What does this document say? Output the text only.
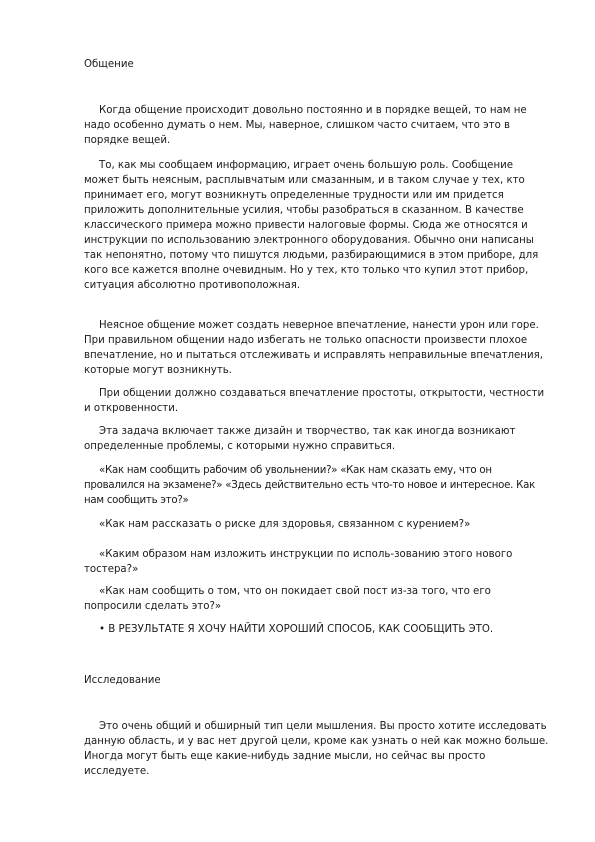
Общение

Когда общение происходит довольно постоянно и в порядке вещей, то нам не надо особенно думать о нем. Мы, наверное, слишком часто считаем, что это в порядке вещей.

То, как мы сообщаем информацию, играет очень большую роль. Сообщение может быть неясным, расплывчатым или смазанным, и в таком случае у тех, кто принимает его, могут возникнуть определенные трудности или им придется приложить дополнительные усилия, чтобы разобраться в сказанном. В качестве классического примера можно привести налоговые формы. Сюда же относятся и инструкции по использованию электронного оборудования. Обычно они написаны так непонятно, потому что пишутся людьми, разбирающимися в этом приборе, для кого все кажется вполне очевидным. Но у тех, кто только что купил этот прибор, ситуация абсолютно противоположная.

Неясное общение может создать неверное впечатление, нанести урон или горе. При правильном общении надо избегать не только опасности произвести плохое впечатление, но и пытаться отслеживать и исправлять неправильные впечатления, которые могут возникнуть.

При общении должно создаваться впечатление простоты, открытости, честности и откровенности.

Эта задача включает также дизайн и творчество, так как иногда возникают определенные проблемы, с которыми нужно справиться.

«Как нам сообщить рабочим об увольнении?» «Как нам сказать ему, что он провалился на экзамене?» «Здесь действительно есть что-то новое и интересное. Как нам сообщить это?»

«Как нам рассказать о риске для здоровья, связанном с курением?»

«Каким образом нам изложить инструкции по исполь-зованию этого нового тостера?»

«Как нам сообщить о том, что он покидает свой пост из-за того, что его попросили сделать это?»

• В РЕЗУЛЬТАТЕ Я ХОЧУ НАЙТИ ХОРОШИЙ СПОСОБ, КАК СООБЩИТЬ ЭТО.

Исследование

Это очень общий и обширный тип цели мышления. Вы просто хотите исследовать данную область, и у вас нет другой цели, кроме как узнать о ней как можно больше. Иногда могут быть еще какие-нибудь задние мысли, но сейчас вы просто исследуете.
